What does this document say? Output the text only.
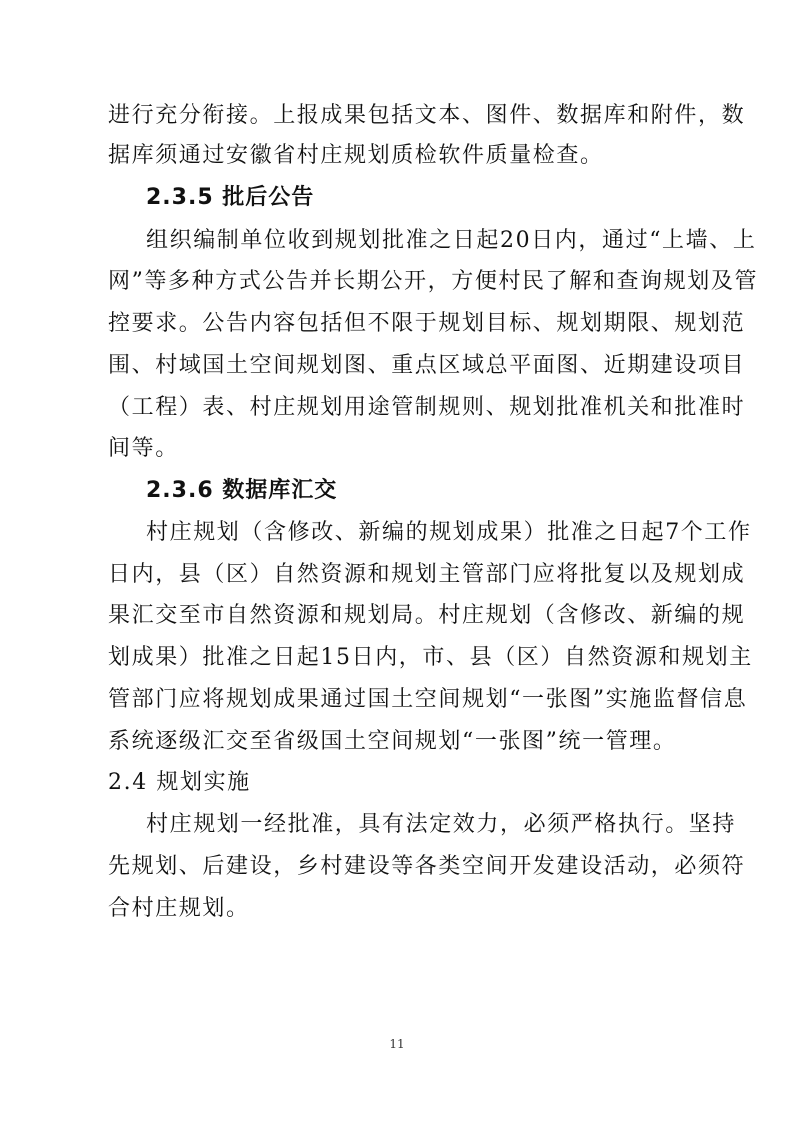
进行充分衔接。上报成果包括文本、图件、数据库和附件，数
据库须通过安徽省村庄规划质检软件质量检查。
2.3.5 批后公告
组织编制单位收到规划批准之日起20日内，通过“上墙、上
网”等多种方式公告并长期公开，方便村民了解和查询规划及管
控要求。公告内容包括但不限于规划目标、规划期限、规划范
围、村域国土空间规划图、重点区域总平面图、近期建设项目
（工程）表、村庄规划用途管制规则、规划批准机关和批准时
间等。
2.3.6 数据库汇交
村庄规划（含修改、新编的规划成果）批准之日起7个工作
日内，县（区）自然资源和规划主管部门应将批复以及规划成
果汇交至市自然资源和规划局。村庄规划（含修改、新编的规
划成果）批准之日起15日内，市、县（区）自然资源和规划主
管部门应将规划成果通过国土空间规划“一张图”实施监督信息
系统逐级汇交至省级国土空间规划“一张图”统一管理。
2.4 规划实施
村庄规划一经批准，具有法定效力，必须严格执行。坚持
先规划、后建设，乡村建设等各类空间开发建设活动，必须符
合村庄规划。
11
